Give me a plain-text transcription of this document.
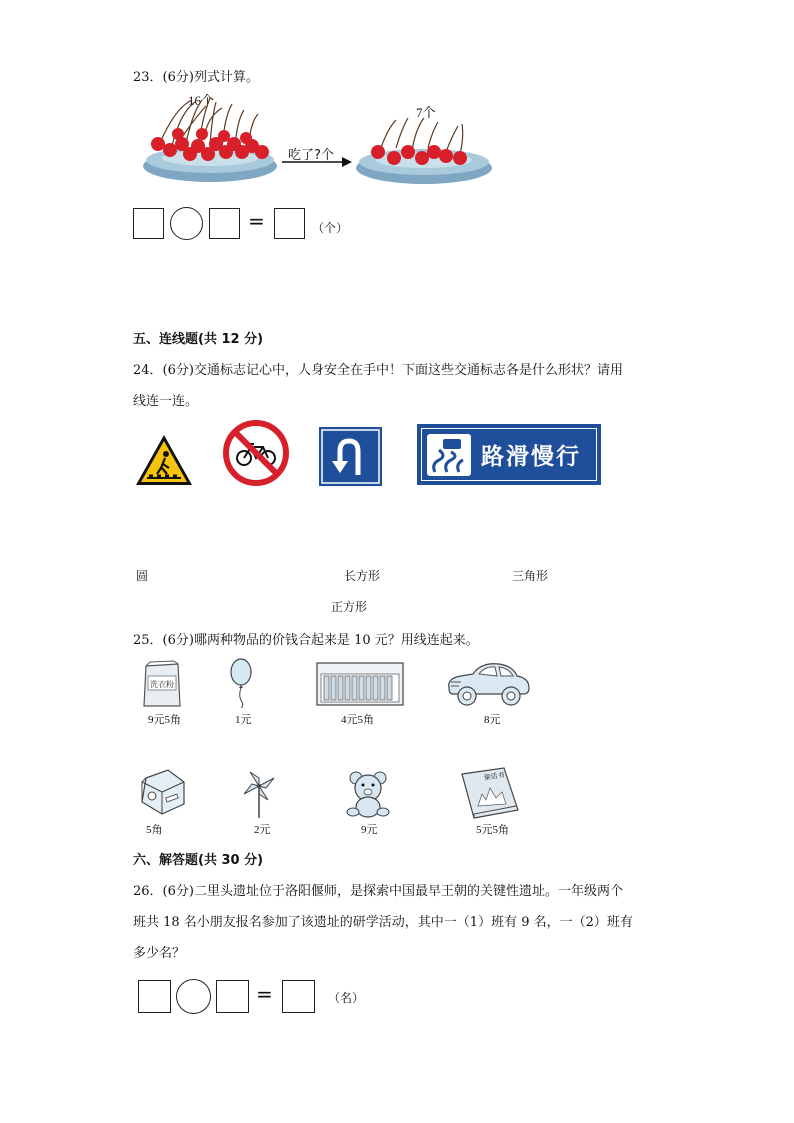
23．(6分)列式计算。
16个
7个
吃了?个
=	（个）
五、连线题(共 12 分)
24．(6分)交通标志记心中，人身安全在手中！下面这些交通标志各是什么形状？请用
线连一连。
路滑慢行
圆	长方形	三角形
正方形
25．(6分)哪两种物品的价钱合起来是 10 元？用线连起来。
洗衣粉
9元5角	1元	4元5角	8元
5角	2元	9元
童话书
5元5角
六、解答题(共 30 分)
26．(6分)二里头遗址位于洛阳偃师，是探索中国最早王朝的关键性遗址。一年级两个
班共 18 名小朋友报名参加了该遗址的研学活动，其中一（1）班有 9 名，一（2）班有
多少名？
=	（名）
